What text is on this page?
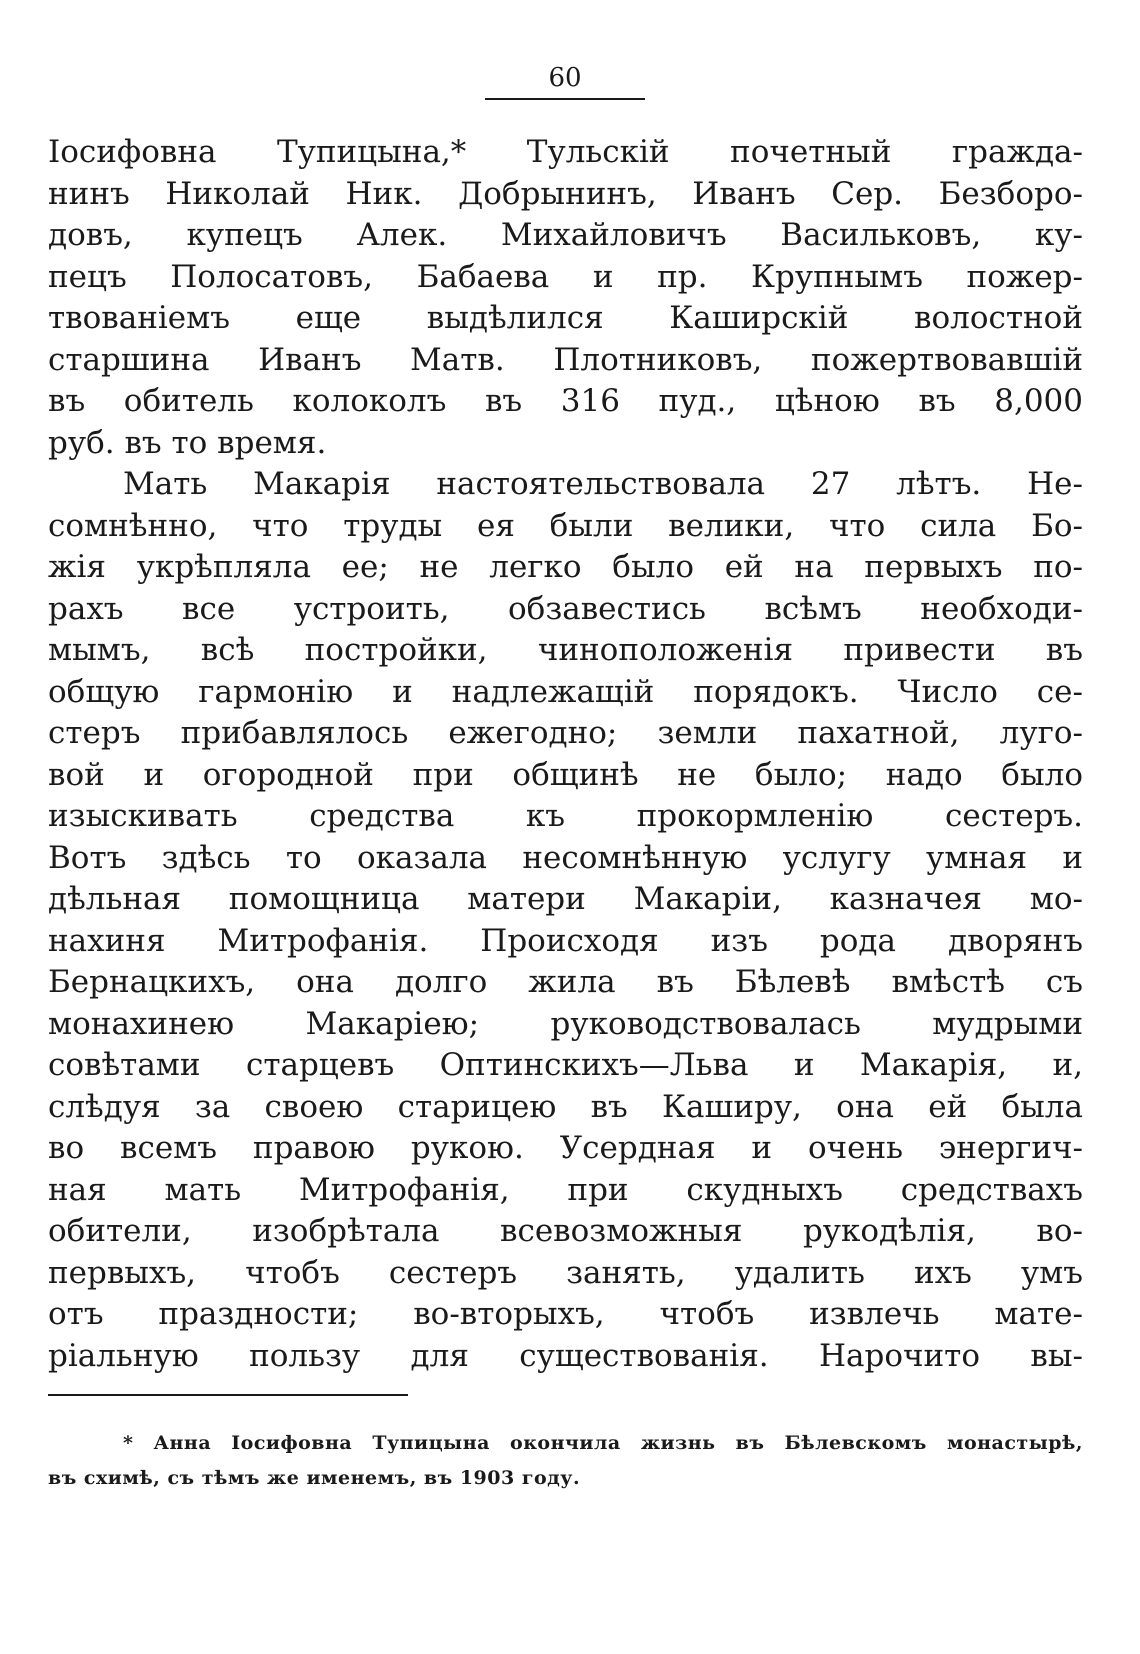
60
Іосифовна Тупицына,* Тульскій почетный гражда-
нинъ Николай Ник. Добрынинъ, Иванъ Сер. Безборо-
довъ, купецъ Алек. Михайловичъ Васильковъ, ку-
пецъ Полосатовъ, Бабаева и пр. Крупнымъ пожер-
твованіемъ еще выдѣлился Каширскій волостной
старшина Иванъ Матв. Плотниковъ, пожертвовавшій
въ обитель колоколъ въ 316 пуд., цѣною въ 8,000
руб. въ то время.
Мать Макарія настоятельствовала 27 лѣтъ. Не-
сомнѣнно, что труды ея были велики, что сила Бо-
жія укрѣпляла ее; не легко было ей на первыхъ по-
рахъ все устроить, обзавестись всѣмъ необходи-
мымъ, всѣ постройки, чиноположенія привести въ
общую гармонію и надлежащій порядокъ. Число се-
стеръ прибавлялось ежегодно; земли пахатной, луго-
вой и огородной при общинѣ не было; надо было
изыскивать средства къ прокормленію сестеръ.
Вотъ здѣсь то оказала несомнѣнную услугу умная и
дѣльная помощница матери Макаріи, казначея мо-
нахиня Митрофанія. Происходя изъ рода дворянъ
Бернацкихъ, она долго жила въ Бѣлевѣ вмѣстѣ съ
монахинею Макаріею; руководствовалась мудрыми
совѣтами старцевъ Оптинскихъ—Льва и Макарія, и,
слѣдуя за своею старицею въ Каширу, она ей была
во всемъ правою рукою. Усердная и очень энергич-
ная мать Митрофанія, при скудныхъ средствахъ
обители, изобрѣтала всевозможныя рукодѣлія, во-
первыхъ, чтобъ сестеръ занять, удалить ихъ умъ
отъ праздности; во-вторыхъ, чтобъ извлечь мате-
ріальную пользу для существованія. Нарочито вы-
* Анна Іосифовна Тупицына окончила жизнь въ Бѣлевскомъ монастырѣ,
въ схимѣ, съ тѣмъ же именемъ, въ 1903 году.
